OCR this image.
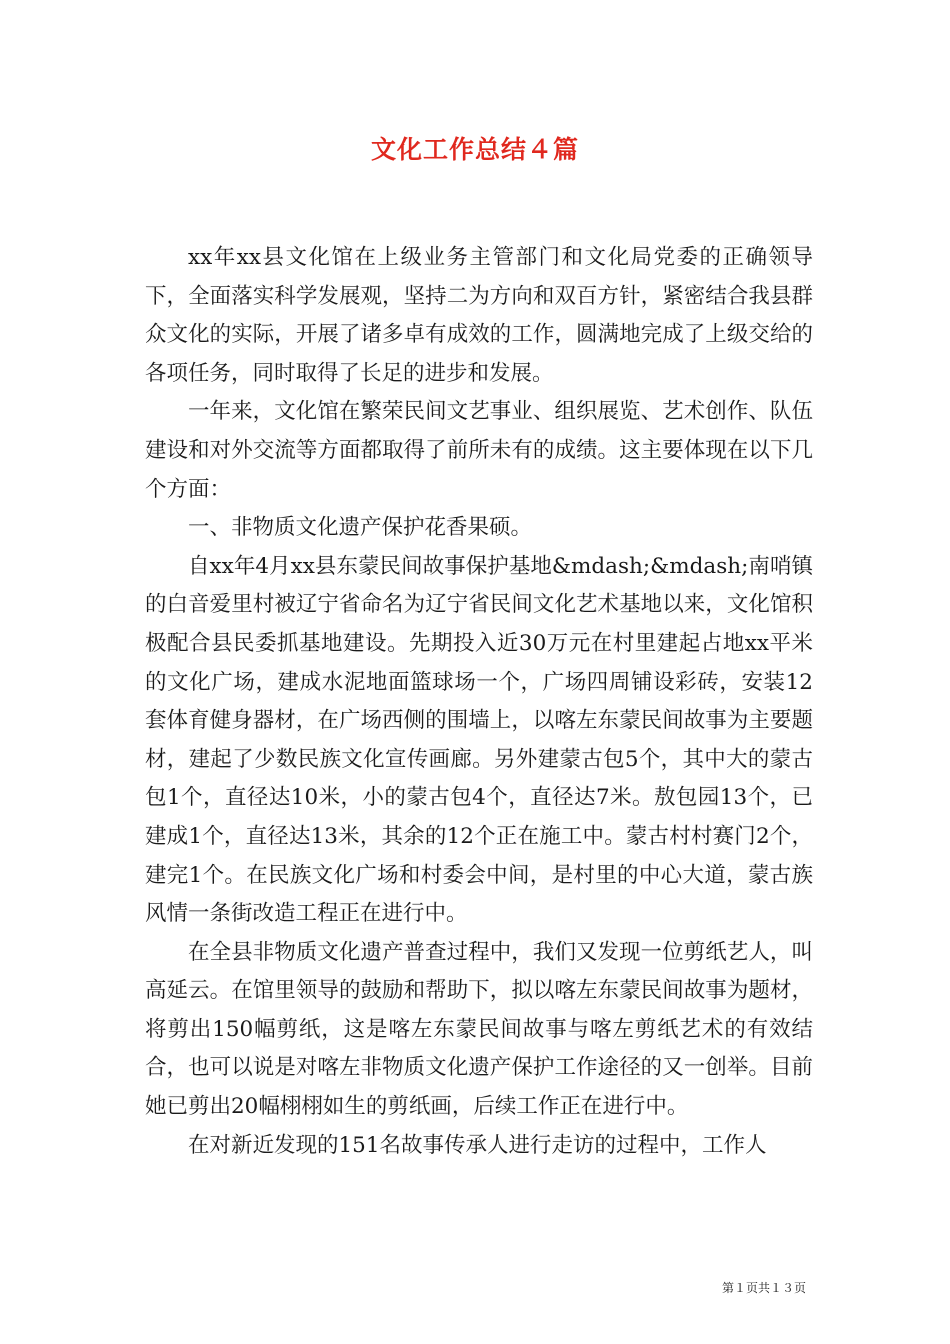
文化工作总结４篇

xx年xx县文化馆在上级业务主管部门和文化局党委的正确领导下，全面落实科学发展观，坚持二为方向和双百方针，紧密结合我县群众文化的实际，开展了诸多卓有成效的工作，圆满地完成了上级交给的各项任务，同时取得了长足的进步和发展。

一年来，文化馆在繁荣民间文艺事业、组织展览、艺术创作、队伍建设和对外交流等方面都取得了前所未有的成绩。这主要体现在以下几个方面：

一、非物质文化遗产保护花香果硕。

自xx年4月xx县东蒙民间故事保护基地&mdash;&mdash;南哨镇的白音爱里村被辽宁省命名为辽宁省民间文化艺术基地以来，文化馆积极配合县民委抓基地建设。先期投入近30万元在村里建起占地xx平米的文化广场，建成水泥地面篮球场一个，广场四周铺设彩砖，安装12套体育健身器材，在广场西侧的围墙上，以喀左东蒙民间故事为主要题材，建起了少数民族文化宣传画廊。另外建蒙古包5个，其中大的蒙古包1个，直径达10米，小的蒙古包4个，直径达7米。敖包园13个，已建成1个，直径达13米，其余的12个正在施工中。蒙古村村赛门2个，建完1个。在民族文化广场和村委会中间，是村里的中心大道，蒙古族风情一条街改造工程正在进行中。

在全县非物质文化遗产普查过程中，我们又发现一位剪纸艺人，叫高延云。在馆里领导的鼓励和帮助下，拟以喀左东蒙民间故事为题材，将剪出150幅剪纸，这是喀左东蒙民间故事与喀左剪纸艺术的有效结合，也可以说是对喀左非物质文化遗产保护工作途径的又一创举。目前她已剪出20幅栩栩如生的剪纸画，后续工作正在进行中。

在对新近发现的151名故事传承人进行走访的过程中，工作人

第１页共１３页
